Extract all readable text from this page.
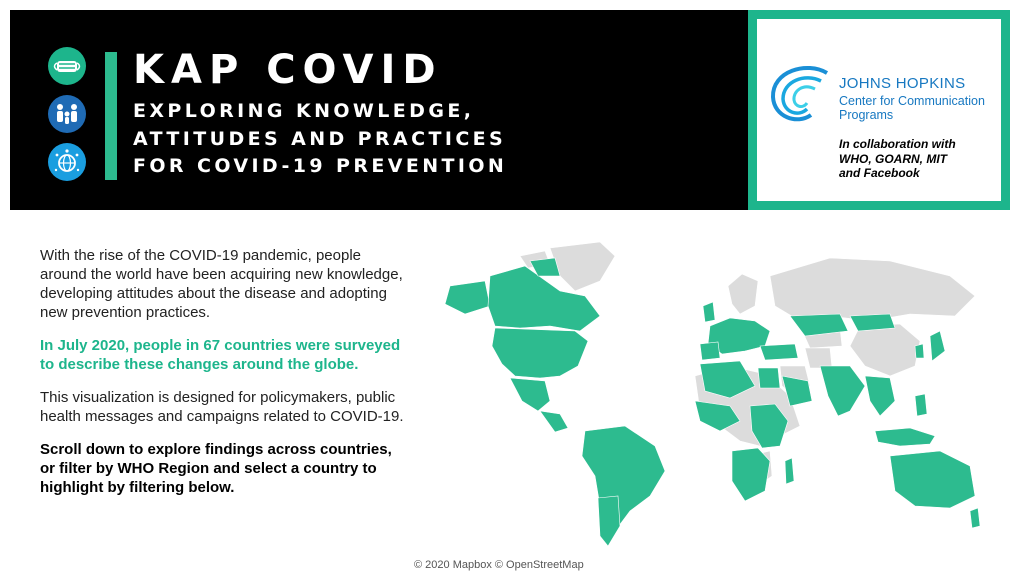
KAP COVID
EXPLORING KNOWLEDGE,
ATTITUDES AND PRACTICES
FOR COVID-19 PREVENTION
JOHNS HOPKINS
Center for Communication
Programs
In collaboration with
WHO, GOARN, MIT
and Facebook

With the rise of the COVID-19 pandemic, people around the world have been acquiring new knowledge, developing attitudes about the disease and adopting new prevention practices.

In July 2020, people in 67 countries were surveyed to describe these changes around the globe.

This visualization is designed for policymakers, public health messages and campaigns related to COVID-19.

Scroll down to explore findings across countries, or filter by WHO Region and select a country to highlight by filtering below.

© 2020 Mapbox © OpenStreetMap
